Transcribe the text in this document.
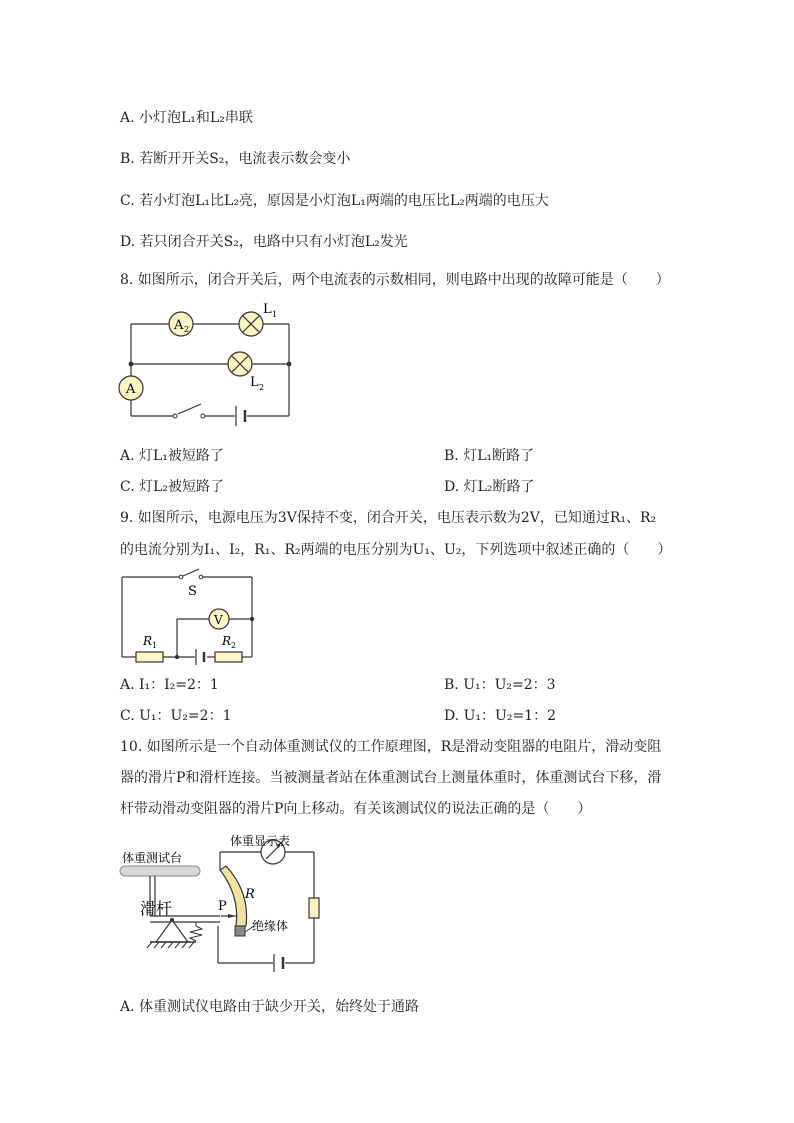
A. 小灯泡L₁和L₂串联
B. 若断开开关S₂，电流表示数会变小
C. 若小灯泡L₁比L₂亮，原因是小灯泡L₁两端的电压比L₂两端的电压大
D. 若只闭合开关S₂，电路中只有小灯泡L₂发光
8. 如图所示，闭合开关后，两个电流表的示数相同，则电路中出现的故障可能是（　　）
A 2
L 1
L 2
A
A. 灯L₁被短路了	B. 灯L₁断路了
C. 灯L₂被短路了	D. 灯L₂断路了
9. 如图所示，电源电压为3V保持不变，闭合开关，电压表示数为2V，已知通过R₁、R₂
的电流分别为I₁、I₂，R₁、R₂两端的电压分别为U₁、U₂，下列选项中叙述正确的（　　）
S
V
R 1	R 2
A. I₁：I₂=2：1	B. U₁：U₂=2：3
C. U₁：U₂=2：1	D. U₁：U₂=1：2
10. 如图所示是一个自动体重测试仪的工作原理图，R是滑动变阻器的电阻片，滑动变阻
器的滑片P和滑杆连接。当被测量者站在体重测试台上测量体重时，体重测试台下移，滑
杆带动滑动变阻器的滑片P向上移动。有关该测试仪的说法正确的是（　　）
体重测试台
滑杆	P
R
绝缘体
体重显示表
A. 体重测试仪电路由于缺少开关，始终处于通路
